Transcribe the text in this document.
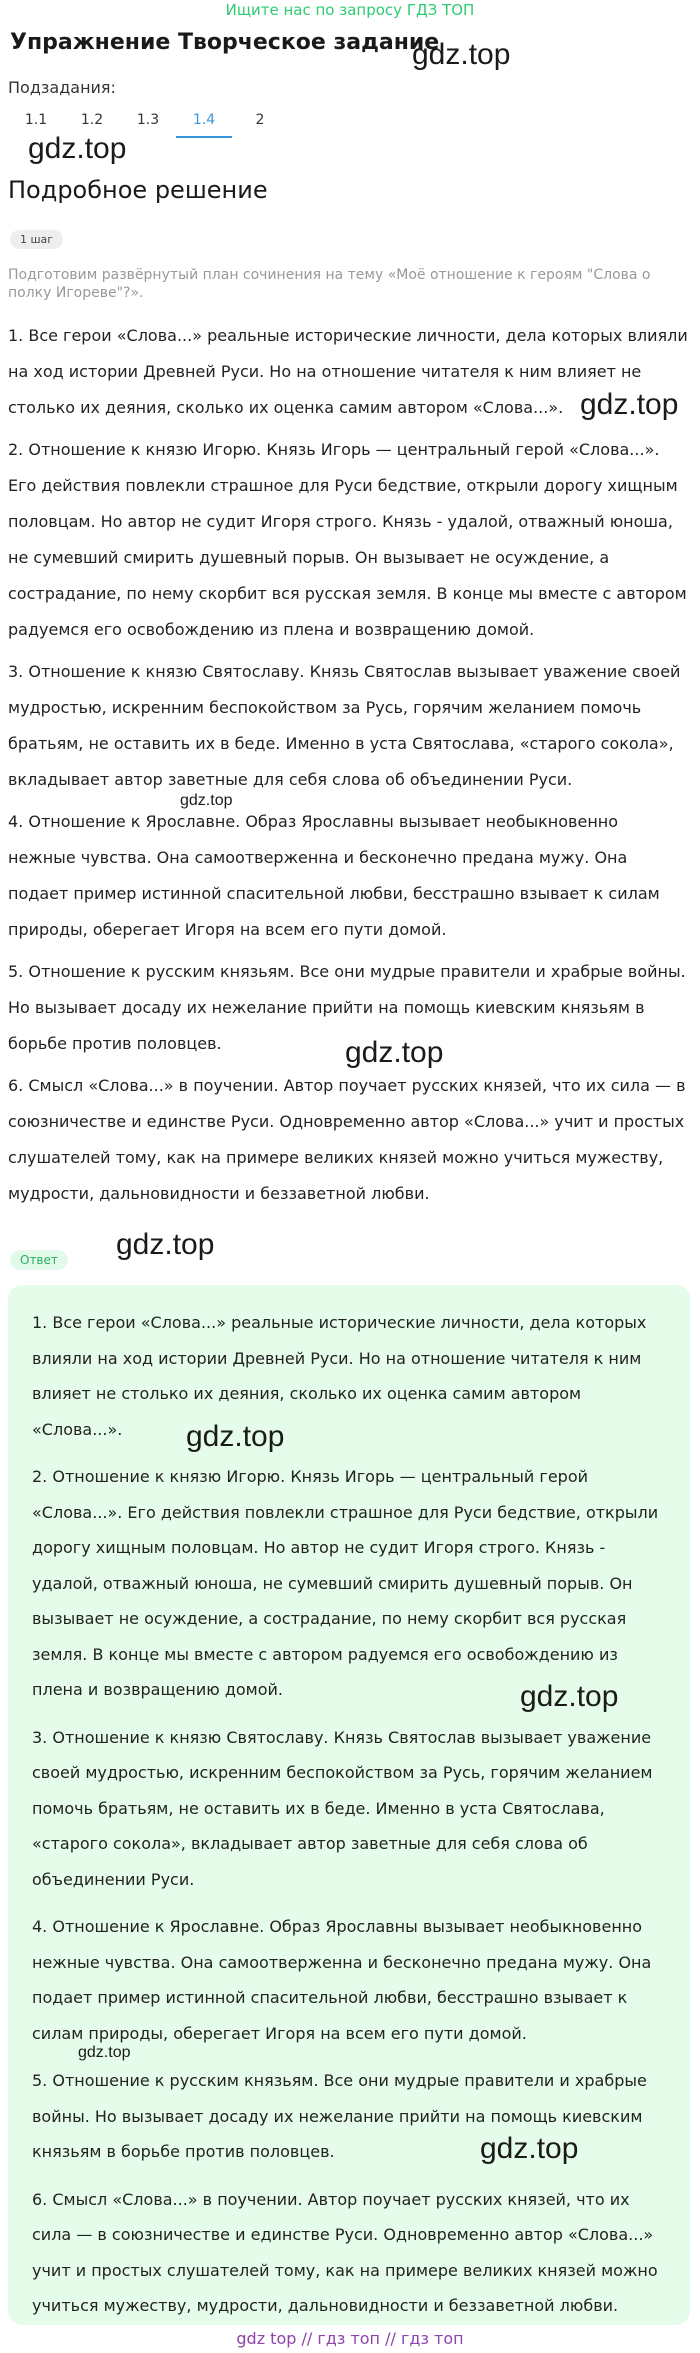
Ищите нас по запросу ГДЗ ТОП
Упражнение Творческое задание
gdz.top
Подзадания:
1.1	1.2	1.3	1.4	2
gdz.top
Подробное решение
1 шаг
Подготовим развёрнутый план сочинения на тему «Моё отношение к героям "Слова о полку Игореве"?».

1. Все герои «Слова...» реальные исторические личности, дела которых влияли на ход истории Древней Руси. Но на отношение читателя к ним влияет не столько их деяния, сколько их оценка самим автором «Слова...».

2. Отношение к князю Игорю. Князь Игорь — центральный герой «Слова...». Его действия повлекли страшное для Руси бедствие, открыли дорогу хищным половцам. Но автор не судит Игоря строго. Князь - удалой, отважный юноша, не сумевший смирить душевный порыв. Он вызывает не осуждение, а сострадание, по нему скорбит вся русская земля. В конце мы вместе с автором радуемся его освобождению из плена и возвращению домой.

3. Отношение к князю Святославу. Князь Святослав вызывает уважение своей мудростью, искренним беспокойством за Русь, горячим желанием помочь братьям, не оставить их в беде. Именно в уста Святослава, «старого сокола», вкладывает автор заветные для себя слова об объединении Руси.

4. Отношение к Ярославне. Образ Ярославны вызывает необыкновенно нежные чувства. Она самоотверженна и бесконечно предана мужу. Она подает пример истинной спасительной любви, бесстрашно взывает к силам природы, оберегает Игоря на всем его пути домой.

5. Отношение к русским князьям. Все они мудрые правители и храбрые войны. Но вызывает досаду их нежелание прийти на помощь киевским князьям в борьбе против половцев.

6. Смысл «Слова...» в поучении. Автор поучает русских князей, что их сила — в союзничестве и единстве Руси. Одновременно автор «Слова...» учит и простых слушателей тому, как на примере великих князей можно учиться мужеству, мудрости, дальновидности и беззаветной любви.

gdz.top
gdz.top
gdz.top
gdz.top
Ответ

1. Все герои «Слова...» реальные исторические личности, дела которых влияли на ход истории Древней Руси. Но на отношение читателя к ним влияет не столько их деяния, сколько их оценка самим автором «Слова...».

2. Отношение к князю Игорю. Князь Игорь — центральный герой «Слова...». Его действия повлекли страшное для Руси бедствие, открыли дорогу хищным половцам. Но автор не судит Игоря строго. Князь - удалой, отважный юноша, не сумевший смирить душевный порыв. Он вызывает не осуждение, а сострадание, по нему скорбит вся русская земля. В конце мы вместе с автором радуемся его освобождению из плена и возвращению домой.

3. Отношение к князю Святославу. Князь Святослав вызывает уважение своей мудростью, искренним беспокойством за Русь, горячим желанием помочь братьям, не оставить их в беде. Именно в уста Святослава, «старого сокола», вкладывает автор заветные для себя слова об объединении Руси.

4. Отношение к Ярославне. Образ Ярославны вызывает необыкновенно нежные чувства. Она самоотверженна и бесконечно предана мужу. Она подает пример истинной спасительной любви, бесстрашно взывает к силам природы, оберегает Игоря на всем его пути домой.

5. Отношение к русским князьям. Все они мудрые правители и храбрые войны. Но вызывает досаду их нежелание прийти на помощь киевским князьям в борьбе против половцев.

6. Смысл «Слова...» в поучении. Автор поучает русских князей, что их сила — в союзничестве и единстве Руси. Одновременно автор «Слова...» учит и простых слушателей тому, как на примере великих князей можно учиться мужеству, мудрости, дальновидности и беззаветной любви.

gdz.top
gdz.top
gdz.top
gdz.top
gdz top // гдз топ // гдз топ
